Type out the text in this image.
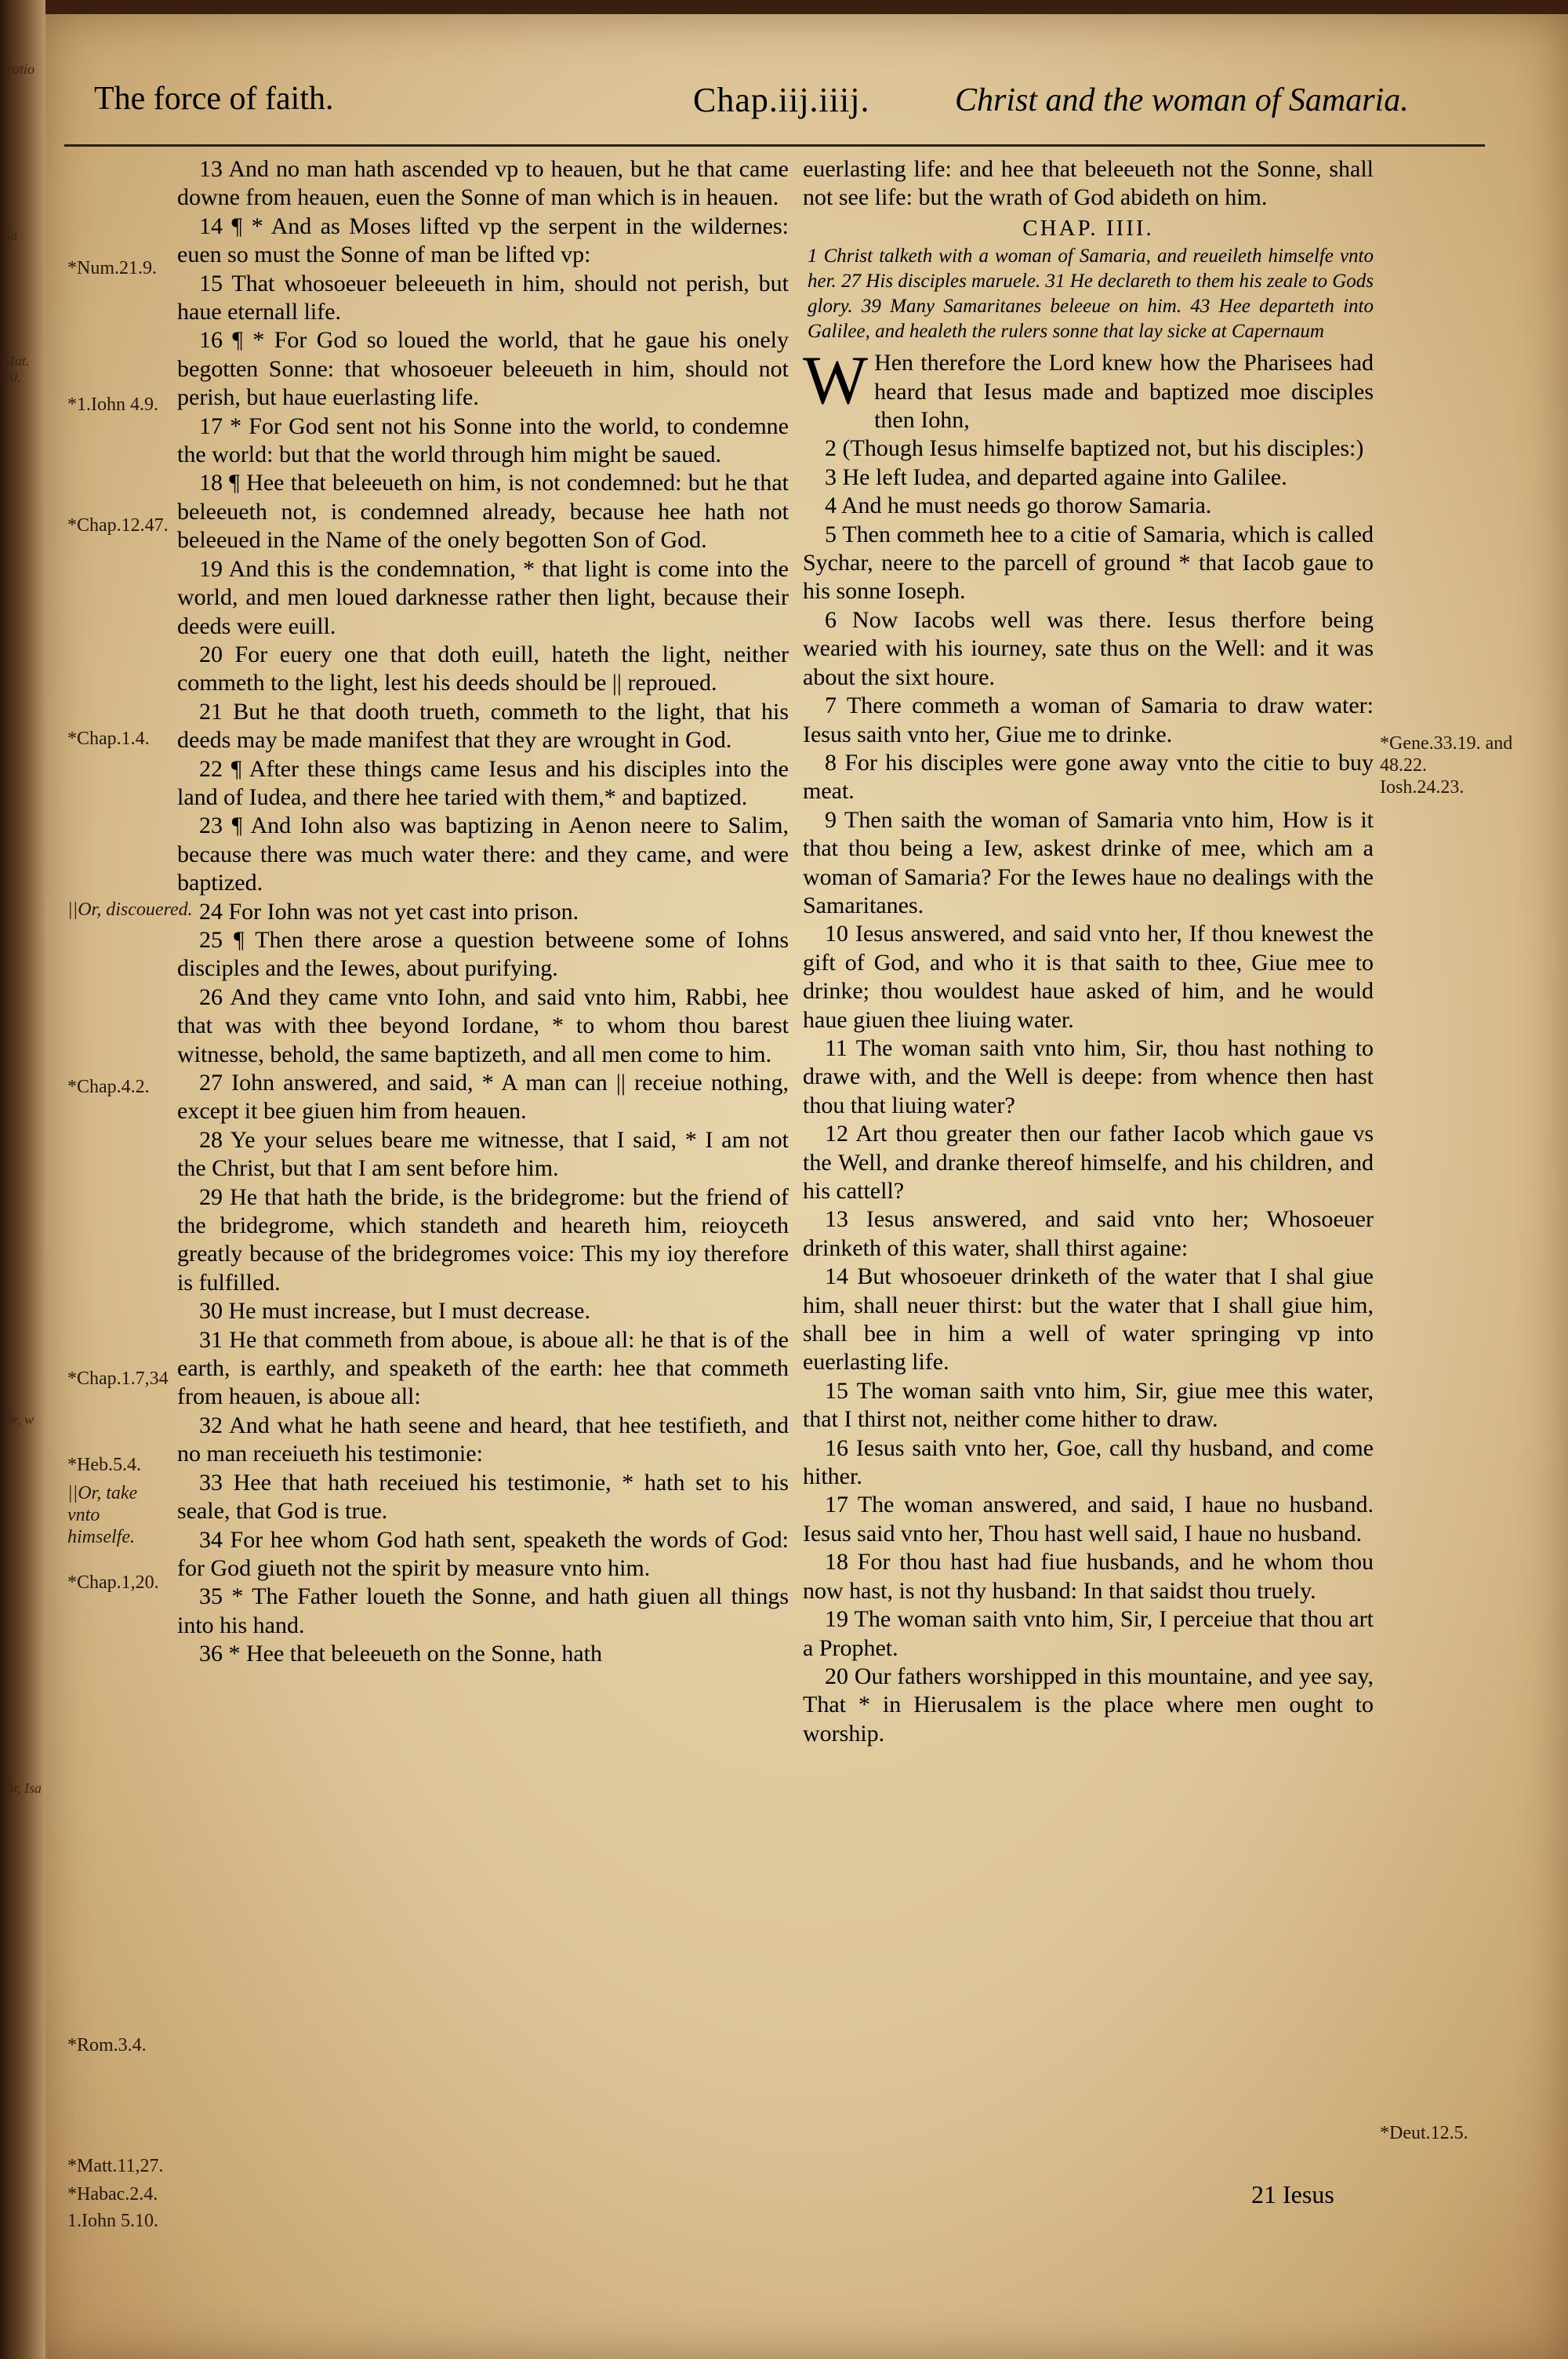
tratio
Sa
Mat. 10.
Or, w
Or, Isa
The force of faith.	Chap.iij.iiij.	Christ and the woman of Samaria.
*Num.21.9.
*1.Iohn 4.9.
*Chap.12.47.
*Chap.1.4.
||Or, discouered.
*Chap.4.2.
*Chap.1.7,34
*Heb.5.4.
||Or, take vnto himselfe.
*Chap.1,20.
*Rom.3.4.
*Matt.11,27.
*Habac.2.4.
1.Iohn 5.10.

13 And no man hath ascended vp to heauen, but he that came downe from heauen, euen the Sonne of man which is in heauen.

14 ¶ * And as Moses lifted vp the serpent in the wildernes: euen so must the Sonne of man be lifted vp:

15 That whosoeuer beleeueth in him, should not perish, but haue eternall life.

16 ¶ * For God so loued the world, that he gaue his onely begotten Sonne: that whosoeuer beleeueth in him, should not perish, but haue euerlasting life.

17 * For God sent not his Sonne into the world, to condemne the world: but that the world through him might be saued.

18 ¶ Hee that beleeueth on him, is not condemned: but he that beleeueth not, is condemned already, because hee hath not beleeued in the Name of the onely begotten Son of God.

19 And this is the condemnation, * that light is come into the world, and men loued darknesse rather then light, because their deeds were euill.

20 For euery one that doth euill, hateth the light, neither commeth to the light, lest his deeds should be || reproued.

21 But he that dooth trueth, commeth to the light, that his deeds may be made manifest that they are wrought in God.

22 ¶ After these things came Iesus and his disciples into the land of Iudea, and there hee taried with them,* and baptized.

23 ¶ And Iohn also was baptizing in Aenon neere to Salim, because there was much water there: and they came, and were baptized.

24 For Iohn was not yet cast into prison.

25 ¶ Then there arose a question betweene some of Iohns disciples and the Iewes, about purifying.

26 And they came vnto Iohn, and said vnto him, Rabbi, hee that was with thee beyond Iordane, * to whom thou barest witnesse, behold, the same baptizeth, and all men come to him.

27 Iohn answered, and said, * A man can || receiue nothing, except it bee giuen him from heauen.

28 Ye your selues beare me witnesse, that I said, * I am not the Christ, but that I am sent before him.

29 He that hath the bride, is the bridegrome: but the friend of the bridegrome, which standeth and heareth him, reioyceth greatly because of the bridegromes voice: This my ioy therefore is fulfilled.

30 He must increase, but I must decrease.

31 He that commeth from aboue, is aboue all: he that is of the earth, is earthly, and speaketh of the earth: hee that commeth from heauen, is aboue all:

32 And what he hath seene and heard, that hee testifieth, and no man receiueth his testimonie:

33 Hee that hath receiued his testimonie, * hath set to his seale, that God is true.

34 For hee whom God hath sent, speaketh the words of God: for God giueth not the spirit by measure vnto him.

35 * The Father loueth the Sonne, and hath giuen all things into his hand.

36 * Hee that beleeueth on the Sonne, hath

euerlasting life: and hee that beleeueth not the Sonne, shall not see life: but the wrath of God abideth on him.

CHAP. IIII.

1 Christ talketh with a woman of Samaria, and reueileth himselfe vnto her. 27 His disciples maruele. 31 He declareth to them his zeale to Gods glory. 39 Many Samaritanes beleeue on him. 43 Hee departeth into Galilee, and healeth the rulers sonne that lay sicke at Capernaum

W Hen therefore the Lord knew how the Pharisees had heard that Iesus made and baptized moe disciples then Iohn,

2 (Though Iesus himselfe baptized not, but his disciples:)

3 He left Iudea, and departed againe into Galilee.

4 And he must needs go thorow Samaria.

5 Then commeth hee to a citie of Samaria, which is called Sychar, neere to the parcell of ground * that Iacob gaue to his sonne Ioseph.

6 Now Iacobs well was there. Iesus therfore being wearied with his iourney, sate thus on the Well: and it was about the sixt houre.

7 There commeth a woman of Samaria to draw water: Iesus saith vnto her, Giue me to drinke.

8 For his disciples were gone away vnto the citie to buy meat.

9 Then saith the woman of Samaria vnto him, How is it that thou being a Iew, askest drinke of mee, which am a woman of Samaria? For the Iewes haue no dealings with the Samaritanes.

10 Iesus answered, and said vnto her, If thou knewest the gift of God, and who it is that saith to thee, Giue mee to drinke; thou wouldest haue asked of him, and he would haue giuen thee liuing water.

11 The woman saith vnto him, Sir, thou hast nothing to drawe with, and the Well is deepe: from whence then hast thou that liuing water?

12 Art thou greater then our father Iacob which gaue vs the Well, and dranke thereof himselfe, and his children, and his cattell?

13 Iesus answered, and said vnto her; Whosoeuer drinketh of this water, shall thirst againe:

14 But whosoeuer drinketh of the water that I shal giue him, shall neuer thirst: but the water that I shall giue him, shall bee in him a well of water springing vp into euerlasting life.

15 The woman saith vnto him, Sir, giue mee this water, that I thirst not, neither come hither to draw.

16 Iesus saith vnto her, Goe, call thy husband, and come hither.

17 The woman answered, and said, I haue no husband. Iesus said vnto her, Thou hast well said, I haue no husband.

18 For thou hast had fiue husbands, and he whom thou now hast, is not thy husband: In that saidst thou truely.

19 The woman saith vnto him, Sir, I perceiue that thou art a Prophet.

20 Our fathers worshipped in this mountaine, and yee say, That * in Hierusalem is the place where men ought to worship.

*Gene.33.19. and 48.22. Iosh.24.23.
*Deut.12.5.
21 Iesus
